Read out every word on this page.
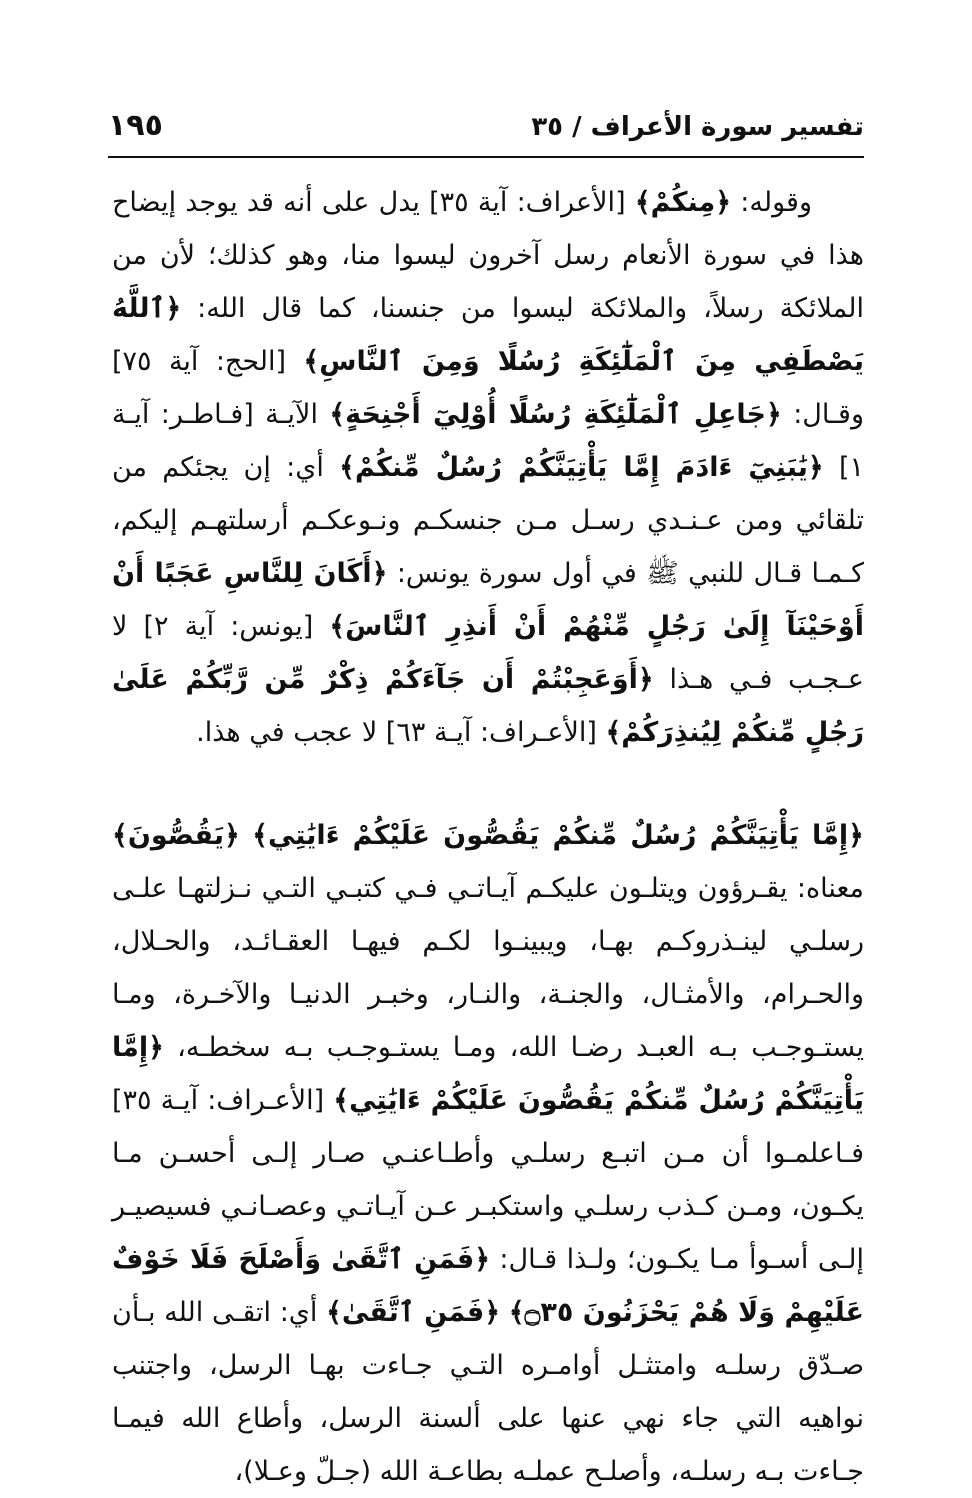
تفسير سورة الأعراف / ٣٥
١٩٥

وقوله: ﴿مِنكُمْ﴾ [الأعراف: آية ٣٥] يدل على أنه قد يوجد إيضاح هذا في سورة الأنعام رسل آخرون ليسوا منا، وهو كذلك؛ لأن من الملائكة رسلاً، والملائكة ليسوا من جنسنا، كما قال الله: ﴿ٱللَّهُ يَصْطَفِي مِنَ ٱلْمَلَٰٓئِكَةِ رُسُلًا وَمِنَ ٱلنَّاسِ﴾ [الحج: آية ٧٥] وقـال: ﴿جَاعِلِ ٱلْمَلَٰٓئِكَةِ رُسُلًا أُوْلِيٓ أَجْنِحَةٍ﴾ الآيـة [فـاطـر: آيـة ١] ﴿يَٰبَنِيٓ ءَادَمَ إِمَّا يَأْتِيَنَّكُمْ رُسُلٌ مِّنكُمْ﴾ أي: إن يجئكم من تلقائي ومن عـنـدي رسـل مـن جنسكـم ونـوعكـم أرسلتهـم إليكم، كـمـا قـال للنبي ﷺ في أول سورة يونس: ﴿أَكَانَ لِلنَّاسِ عَجَبًا أَنْ أَوْحَيْنَآ إِلَىٰ رَجُلٍ مِّنْهُمْ أَنْ أَنذِرِ ٱلنَّاسَ﴾ [يونس: آية ٢] لا عـجـب فـي هـذا ﴿أَوَعَجِبْتُمْ أَن جَآءَكُمْ ذِكْرٌ مِّن رَّبِّكُمْ عَلَىٰ رَجُلٍ مِّنكُمْ لِيُنذِرَكُمْ﴾ [الأعـراف: آيـة ٦٣] لا عجب في هذا.

﴿إِمَّا يَأْتِيَنَّكُمْ رُسُلٌ مِّنكُمْ يَقُصُّونَ عَلَيْكُمْ ءَايَٰتِي﴾ ﴿يَقُصُّونَ﴾ معناه: يقـرؤون ويتلـون عليكـم آيـاتـي فـي كتبـي التـي نـزلتهـا علـى رسلـي لينـذروكـم بهـا، ويبينـوا لكـم فيهـا العقـائـد، والحـلال، والحـرام، والأمثـال، والجنـة، والنـار، وخبـر الدنيـا والآخـرة، ومـا يستـوجـب بـه العبـد رضـا الله، ومـا يستـوجـب بـه سخطـه، ﴿إِمَّا يَأْتِيَنَّكُمْ رُسُلٌ مِّنكُمْ يَقُصُّونَ عَلَيْكُمْ ءَايَٰتِي﴾ [الأعـراف: آيـة ٣٥] فـاعلمـوا أن مـن اتبـع رسلـي وأطـاعنـي صـار إلـى أحسـن مـا يكـون، ومـن كـذب رسلـي واستكبـر عـن آيـاتـي وعصـانـي فسيصيـر إلـى أسـوأ مـا يكـون؛ ولـذا قـال: ﴿فَمَنِ ٱتَّقَىٰ وَأَصْلَحَ فَلَا خَوْفٌ عَلَيْهِمْ وَلَا هُمْ يَحْزَنُونَ ۝٣٥﴾ ﴿فَمَنِ ٱتَّقَىٰ﴾ أي: اتقـى الله بـأن صـدّق رسلـه وامتثـل أوامـره التـي جـاءت بهـا الرسل، واجتنب نواهيه التي جاء نهي عنها على ألسنة الرسل، وأطاع الله فيمـا جـاءت بـه رسلـه، وأصلـح عملـه بطاعـة الله (جـلّ وعـلا)،
